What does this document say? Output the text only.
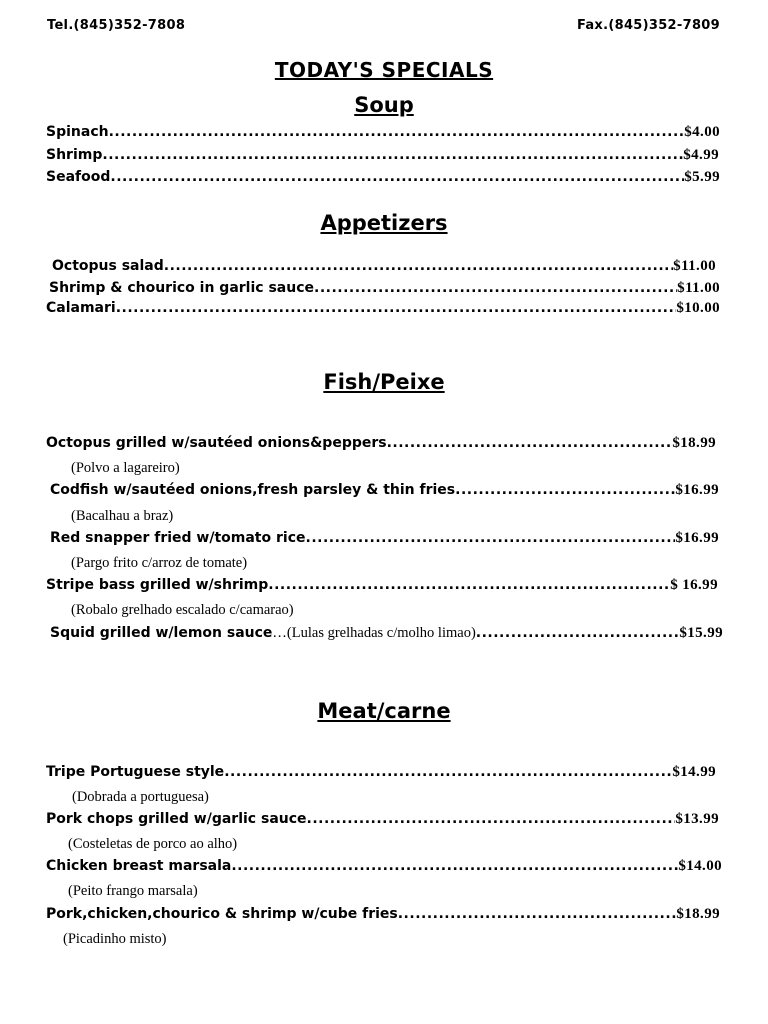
Tel.(845)352-7808	Fax.(845)352-7809
TODAY'S SPECIALS
Soup
Spinach .....	$4.00
Shrimp .....	$4.99
Seafood .....	$5.99
Appetizers
Octopus salad .....	$11.00
Shrimp & chourico in garlic sauce .....	$11.00
Calamari .....	$10.00
Fish/Peixe
Octopus grilled w/sautéed onions&peppers .....	$18.99
(Polvo a lagareiro)
Codfish w/sautéed onions,fresh parsley & thin fries .....	$16.99
(Bacalhau a braz)
Red snapper fried w/tomato rice .....	$16.99
(Pargo frito c/arroz de tomate)
Stripe bass grilled w/shrimp .....	$ 16.99
(Robalo grelhado escalado c/camarao)
Squid grilled w/lemon sauce…(Lulas grelhadas c/molho limao) .....	$15.99
Meat/carne
Tripe Portuguese style .....	$14.99
(Dobrada a portuguesa)
Pork chops grilled w/garlic sauce .....	$13.99
(Costeletas de porco ao alho)
Chicken breast marsala .....	$14.00
(Peito frango marsala)
Pork,chicken,chourico & shrimp w/cube fries .....	$18.99
(Picadinho misto)
